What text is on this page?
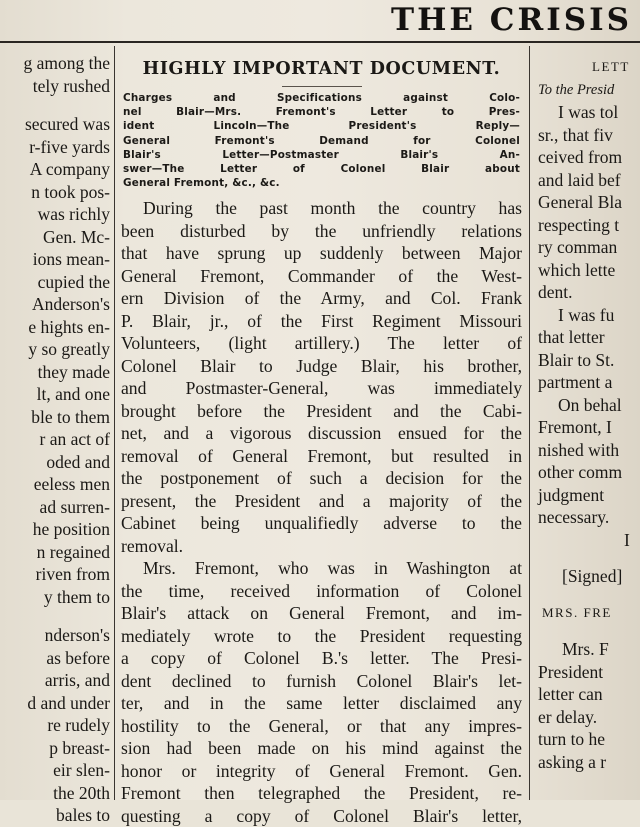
THE CRISIS
g among the
tely rushed
secured was
r-five yards
A company
n took pos-
was richly
Gen. Mc-
ions mean-
cupied the
Anderson's
e hights en-
y so greatly
they made
lt, and one
ble to them
r an act of
oded and
eeless men
ad surren-
he position
n regained
riven from
y them to
nderson's
as before
arris, and
d and under
re rudely
p breast-
eir slen-
the 20th
bales to
HIGHLY IMPORTANT DOCUMENT.
Charges and Specifications against Colo-
nel Blair—Mrs. Fremont's Letter to Pres-
ident Lincoln—The President's Reply—
General Fremont's Demand for Colonel
Blair's Letter—Postmaster Blair's An-
swer—The Letter of Colonel Blair about
General Fremont, &c., &c.
During the past month the country has
been disturbed by the unfriendly relations
that have sprung up suddenly between Major
General Fremont, Commander of the West-
ern Division of the Army, and Col. Frank
P. Blair, jr., of the First Regiment Missouri
Volunteers, (light artillery.) The letter of
Colonel Blair to Judge Blair, his brother,
and Postmaster-General, was immediately
brought before the President and the Cabi-
net, and a vigorous discussion ensued for the
removal of General Fremont, but resulted in
the postponement of such a decision for the
present, the President and a majority of the
Cabinet being unqualifiedly adverse to the
removal.
Mrs. Fremont, who was in Washington at
the time, received information of Colonel
Blair's attack on General Fremont, and im-
mediately wrote to the President requesting
a copy of Colonel B.'s letter. The Presi-
dent declined to furnish Colonel Blair's let-
ter, and in the same letter disclaimed any
hostility to the General, or that any impres-
sion had been made on his mind against the
honor or integrity of General Fremont. Gen.
Fremont then telegraphed the President, re-
questing a copy of Colonel Blair's letter,
LETT
To the Presid
I was tol
sr., that fiv
ceived from
and laid bef
General Bla
respecting t
ry comman
which lette
dent.
I was fu
that letter
Blair to St.
partment a
On behal
Fremont, I
nished with
other comm
judgment
necessary.
I
[Signed]
MRS. FRE
Mrs. F
President
letter can
er delay.
turn to he
asking a r
